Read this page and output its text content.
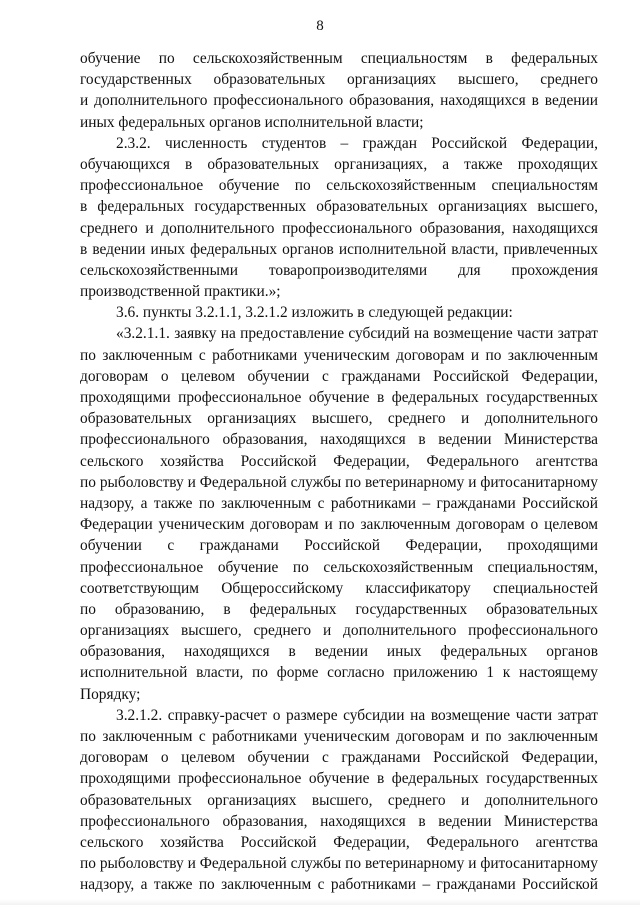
8
обучение по сельскохозяйственным специальностям в федеральных
государственных образовательных организациях высшего, среднего
и дополнительного профессионального образования, находящихся в ведении
иных федеральных органов исполнительной власти;
2.3.2. численность студентов – граждан Российской Федерации,
обучающихся в образовательных организациях, а также проходящих
профессиональное обучение по сельскохозяйственным специальностям
в федеральных государственных образовательных организациях высшего,
среднего и дополнительного профессионального образования, находящихся
в ведении иных федеральных органов исполнительной власти, привлеченных
сельскохозяйственными товаропроизводителями для прохождения
производственной практики.»;
3.6. пункты 3.2.1.1, 3.2.1.2 изложить в следующей редакции:
«3.2.1.1. заявку на предоставление субсидий на возмещение части затрат
по заключенным с работниками ученическим договорам и по заключенным
договорам о целевом обучении с гражданами Российской Федерации,
проходящими профессиональное обучение в федеральных государственных
образовательных организациях высшего, среднего и дополнительного
профессионального образования, находящихся в ведении Министерства
сельского хозяйства Российской Федерации, Федерального агентства
по рыболовству и Федеральной службы по ветеринарному и фитосанитарному
надзору, а также по заключенным с работниками – гражданами Российской
Федерации ученическим договорам и по заключенным договорам о целевом
обучении с гражданами Российской Федерации, проходящими
профессиональное обучение по сельскохозяйственным специальностям,
соответствующим Общероссийскому классификатору специальностей
по образованию, в федеральных государственных образовательных
организациях высшего, среднего и дополнительного профессионального
образования, находящихся в ведении иных федеральных органов
исполнительной власти, по форме согласно приложению 1 к настоящему
Порядку;
3.2.1.2. справку-расчет о размере субсидии на возмещение части затрат
по заключенным с работниками ученическим договорам и по заключенным
договорам о целевом обучении с гражданами Российской Федерации,
проходящими профессиональное обучение в федеральных государственных
образовательных организациях высшего, среднего и дополнительного
профессионального образования, находящихся в ведении Министерства
сельского хозяйства Российской Федерации, Федерального агентства
по рыболовству и Федеральной службы по ветеринарному и фитосанитарному
надзору, а также по заключенным с работниками – гражданами Российской
